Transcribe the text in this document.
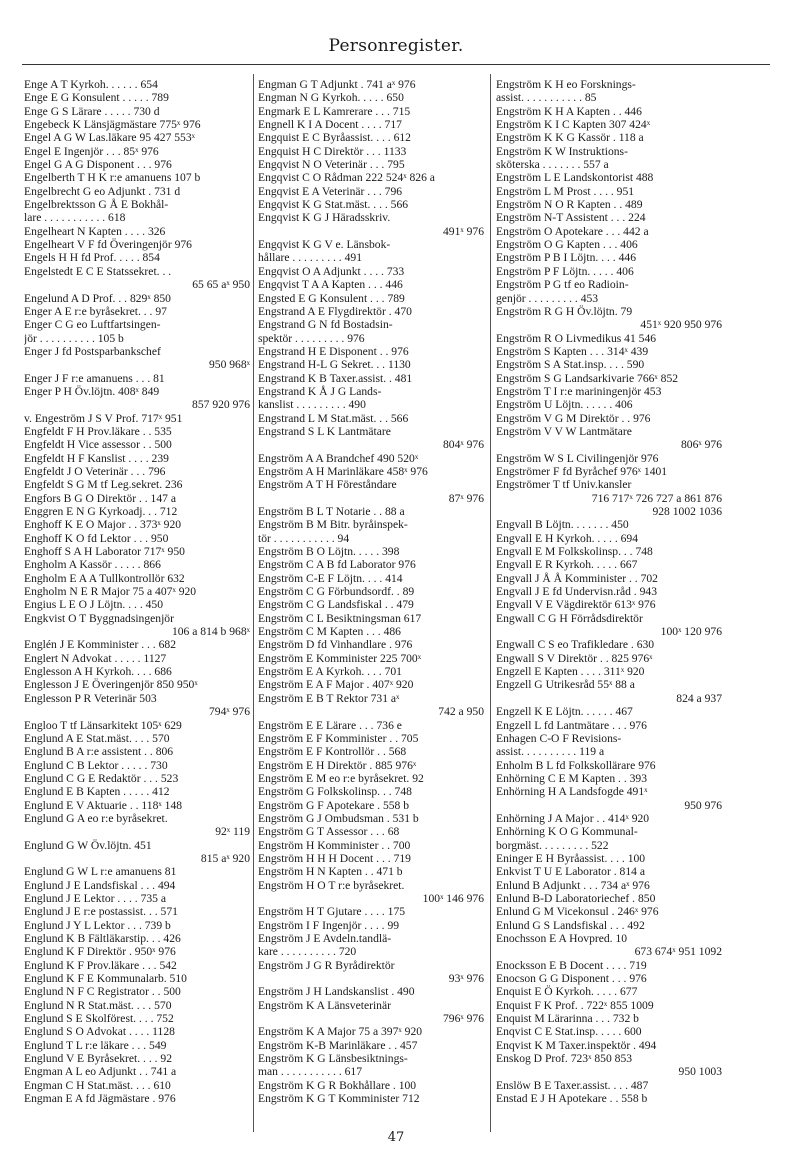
Personregister.
Enge A T Kyrkoh. . . . . . 654
Enge E G Konsulent . . . . . 789
Enge G S Lärare . . . . . 730 d
Engebeck K Länsjägmästare 775ˣ 976
Engel A G W Las.läkare 95 427 553ˣ
Engel E Ingenjör . . . 85ˣ 976
Engel G A G Disponent . . . 976
Engelberth T H K r:e amanuens 107 b
Engelbrecht G eo Adjunkt . 731 d
Engelbrektsson G Å E Bokhål-
lare . . . . . . . . . . . 618
Engelheart N Kapten . . . . 326
Engelheart V F fd Överingenjör 976
Engels H H fd Prof. . . . . 854
Engelstedt E C E Statssekret. . .
65 65 aˣ 950
Engelund A D Prof. . . 829ˣ 850
Enger A E r:e byråsekret. . . 97
Enger C G eo Luftfartsingen-
jör . . . . . . . . . . 105 b
Enger J fd Postsparbankschef
950 968ˣ
Enger J F r:e amanuens . . . 81
Enger P H Öv.löjtn. 408ˣ 849
857 920 976
v. Engeström J S V Prof. 717ˣ 951
Engfeldt F H Prov.läkare . . 535
Engfeldt H Vice assessor . . 500
Engfeldt H F Kanslist . . . . 239
Engfeldt J O Veterinär . . . 796
Engfeldt S G M tf Leg.sekret. 236
Engfors B G O Direktör . . 147 a
Enggren E N G Kyrkoadj. . . 712
Enghoff K E O Major . . 373ˣ 920
Enghoff K O fd Lektor . . . 950
Enghoff S A H Laborator 717ˣ 950
Engholm A Kassör . . . . . 866
Engholm E A A Tullkontrollör 632
Engholm N E R Major 75 a 407ˣ 920
Engius L E O J Löjtn. . . . 450
Engkvist O T Byggnadsingenjör
106 a 814 b 968ˣ
Englén J E Komminister . . . 682
Englert N Advokat . . . . . 1127
Englesson A H Kyrkoh. . . . 686
Englesson J E Överingenjör 850 950ˣ
Englesson P R Veterinär 503
794ˣ 976
Engloo T tf Länsarkitekt 105ˣ 629
Englund A E Stat.mäst. . . . 570
Englund B A r:e assistent . . 806
Englund C B Lektor . . . . . 730
Englund C G E Redaktör . . . 523
Englund E B Kapten . . . . . 412
Englund E V Aktuarie . . 118ˣ 148
Englund G A eo r:e byråsekret.
92ˣ 119
Englund G W Öv.löjtn. 451
815 aˣ 920
Englund G W L r:e amanuens 81
Englund J E Landsfiskal . . . 494
Englund J E Lektor . . . . 735 a
Englund J E r:e postassist. . . 571
Englund J Y L Lektor . . . 739 b
Englund K B Fältläkarstip. . . 426
Englund K F Direktör . 950ˣ 976
Englund K F Prov.läkare . . . 542
Englund K F E Kommunalarb. 510
Englund N F C Registrator . . 500
Englund N R Stat.mäst. . . . 570
Englund S E Skolförest. . . . 752
Englund S O Advokat . . . . 1128
Englund T L r:e läkare . . . 549
Englund V E Byråsekret. . . . 92
Engman A L eo Adjunkt . . 741 a
Engman C H Stat.mäst. . . . 610
Engman E A fd Jägmästare . 976
Engman G T Adjunkt . 741 aˣ 976
Engman N G Kyrkoh. . . . . 650
Engmark E L Kamrerare . . . 715
Engnell K I A Docent . . . . 717
Engquist E C Byråassist. . . . 612
Engquist H C Direktör . . . 1133
Engqvist N O Veterinär . . . 795
Engqvist C O Rådman 222 524ˣ 826 a
Engqvist E A Veterinär . . . 796
Engqvist K G Stat.mäst. . . . 566
Engqvist K G J Häradsskriv.
491ˣ 976
Engqvist K G V e. Länsbok-
hållare . . . . . . . . . 491
Engqvist O A Adjunkt . . . . 733
Engqvist T A A Kapten . . . 446
Engsted E G Konsulent . . . 789
Engstrand A E Flygdirektör . 470
Engstrand G N fd Bostadsin-
spektör . . . . . . . . . 976
Engstrand H E Disponent . . 976
Engstrand H-L G Sekret. . . 1130
Engstrand K B Taxer.assist. . 481
Engstrand K Å J G Lands-
kanslist . . . . . . . . . 490
Engstrand L M Stat.mäst. . . 566
Engstrand S L K Lantmätare
804ˣ 976
Engström A A Brandchef 490 520ˣ
Engström A H Marinläkare 458ˣ 976
Engström A T H Föreståndare
87ˣ 976
Engström B L T Notarie . . 88 a
Engström B M Bitr. byråinspek-
tör . . . . . . . . . . . 94
Engström B O Löjtn. . . . . 398
Engström C A B fd Laborator 976
Engström C-E F Löjtn. . . . 414
Engström C G Förbundsordf. . 89
Engström C G Landsfiskal . . 479
Engström C L Besiktningsman 617
Engström C M Kapten . . . 486
Engström D fd Vinhandlare . 976
Engström E Komminister 225 700ˣ
Engström E A Kyrkoh. . . . 701
Engström E A F Major . 407ˣ 920
Engström E B T Rektor 731 aˣ
742 a 950
Engström E E Lärare . . . 736 e
Engström E F Komminister . . 705
Engström E F Kontrollör . . 568
Engström E H Direktör . 885 976ˣ
Engström E M eo r:e byråsekret. 92
Engström G Folkskolinsp. . . 748
Engström G F Apotekare . 558 b
Engström G J Ombudsman . 531 b
Engström G T Assessor . . . 68
Engström H Komminister . . 700
Engström H H H Docent . . . 719
Engström H N Kapten . . 471 b
Engström H O T r:e byråsekret.
100ˣ 146 976
Engström H T Gjutare . . . . 175
Engström I F Ingenjör . . . . 99
Engström J E Avdeln.tandlä-
kare . . . . . . . . . . 720
Engström J G R Byrådirektör
93ˣ 976
Engström J H Landskanslist . 490
Engström K A Länsveterinär
796ˣ 976
Engström K A Major 75 a 397ˣ 920
Engström K-B Marinläkare . . 457
Engström K G Länsbesiktnings-
man . . . . . . . . . . . 617
Engström K G R Bokhållare . 100
Engström K G T Komminister 712
Engström K H eo Forsknings-
assist. . . . . . . . . . . 85
Engström K H A Kapten . . 446
Engström K I C Kapten 307 424ˣ
Engström K K G Kassör . 118 a
Engström K W Instruktions-
sköterska . . . . . . . 557 a
Engström L E Landskontorist 488
Engström L M Prost . . . . 951
Engström N O R Kapten . . 489
Engström N-T Assistent . . . 224
Engström O Apotekare . . . 442 a
Engström O G Kapten . . . 406
Engström P B I Löjtn. . . . 446
Engström P F Löjtn. . . . . 406
Engström P G tf eo Radioin-
genjör . . . . . . . . . 453
Engström R G H Öv.löjtn. 79
451ˣ 920 950 976
Engström R O Livmedikus 41 546
Engström S Kapten . . . 314ˣ 439
Engström S A Stat.insp. . . . 590
Engström S G Landsarkivarie 766ˣ 852
Engström T I r:e mariningenjör 453
Engström U Löjtn. . . . . . 406
Engström V G M Direktör . . 976
Engström V V W Lantmätare
806ˣ 976
Engström W S L Civilingenjör 976
Engströmer F fd Byråchef 976ˣ 1401
Engströmer T tf Univ.kansler
716 717ˣ 726 727 a 861 876
928 1002 1036
Engvall B Löjtn. . . . . . . 450
Engvall E H Kyrkoh. . . . . 694
Engvall E M Folkskolinsp. . . 748
Engvall E R Kyrkoh. . . . . 667
Engvall J Å Å Komminister . . 702
Engvall J E fd Undervisn.råd . 943
Engvall V E Vägdirektör 613ˣ 976
Engwall C G H Förrådsdirektör
100ˣ 120 976
Engwall C S eo Trafikledare . 630
Engwall S V Direktör . . 825 976ˣ
Engzell E Kapten . . . . 311ˣ 920
Engzell G Utrikesråd 55ˣ 88 a
824 a 937
Engzell K E Löjtn. . . . . . 467
Engzell L fd Lantmätare . . . 976
Enhagen C-O F Revisions-
assist. . . . . . . . . . 119 a
Enholm B L fd Folkskollärare 976
Enhörning C E M Kapten . . 393
Enhörning H A Landsfogde 491ˣ
950 976
Enhörning J A Major . . 414ˣ 920
Enhörning K O G Kommunal-
borgmäst. . . . . . . . . 522
Eninger E H Byråassist. . . . 100
Enkvist T U E Laborator . 814 a
Enlund B Adjunkt . . . 734 aˣ 976
Enlund B-D Laboratoriechef . 850
Enlund G M Vicekonsul . 246ˣ 976
Enlund G S Landsfiskal . . . 492
Enochsson E A Hovpred. 10
673 674ˣ 951 1092
Enocksson E B Docent . . . . 719
Enocson G G Disponent . . . 976
Enquist E Ö Kyrkoh. . . . . 677
Enquist F K Prof. . 722ˣ 855 1009
Enquist M Lärarinna . . . 732 b
Enqvist C E Stat.insp. . . . . 600
Enqvist K M Taxer.inspektör . 494
Enskog D Prof. 723ˣ 850 853
950 1003
Enslöw B E Taxer.assist. . . . 487
Enstad E J H Apotekare . . 558 b
47
